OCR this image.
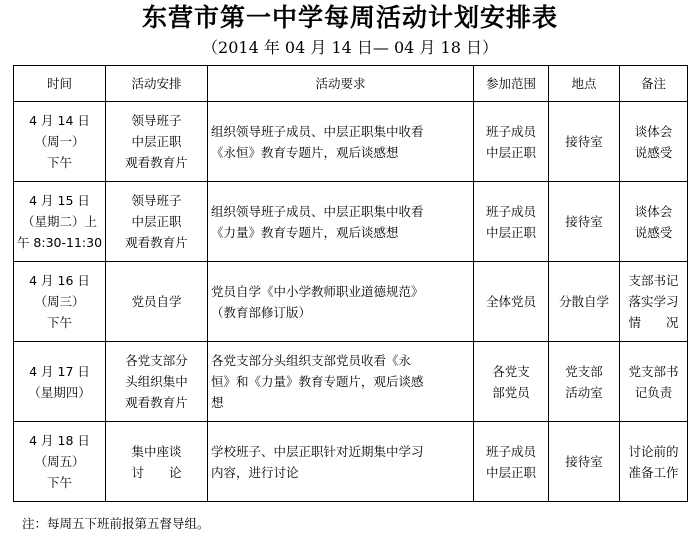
东营市第一中学每周活动计划安排表
（2014 年 04 月 14 日— 04 月 18 日）
时间	活动安排	活动要求	参加范围	地点	备注

4 月 14 日
（周一）
下午	领导班子
中层正职
观看教育片	组织领导班子成员、中层正职集中收看
《永恒》教育专题片，观后谈感想	班子成员
中层正职	接待室	谈体会
说感受

4 月 15 日
（星期二）上
午 8:30-11:30	领导班子
中层正职
观看教育片	组织领导班子成员、中层正职集中收看
《力量》教育专题片，观后谈感想	班子成员
中层正职	接待室	谈体会
说感受

4 月 16 日
（周三）
下午	党员自学	党员自学《中小学教师职业道德规范》
（教育部修订版）	全体党员	分散自学	支部书记
落实学习
情　　况

4 月 17 日
（星期四）	各党支部分
头组织集中
观看教育片	各党支部分头组织支部党员收看《永
恒》和《力量》教育专题片，观后谈感
想	各党支
部党员	党支部
活动室	党支部书
记负责

4 月 18 日
（周五）
下午	集中座谈
讨　　论	学校班子、中层正职针对近期集中学习
内容，进行讨论	班子成员
中层正职	接待室	讨论前的
准备工作
注：每周五下班前报第五督导组。
